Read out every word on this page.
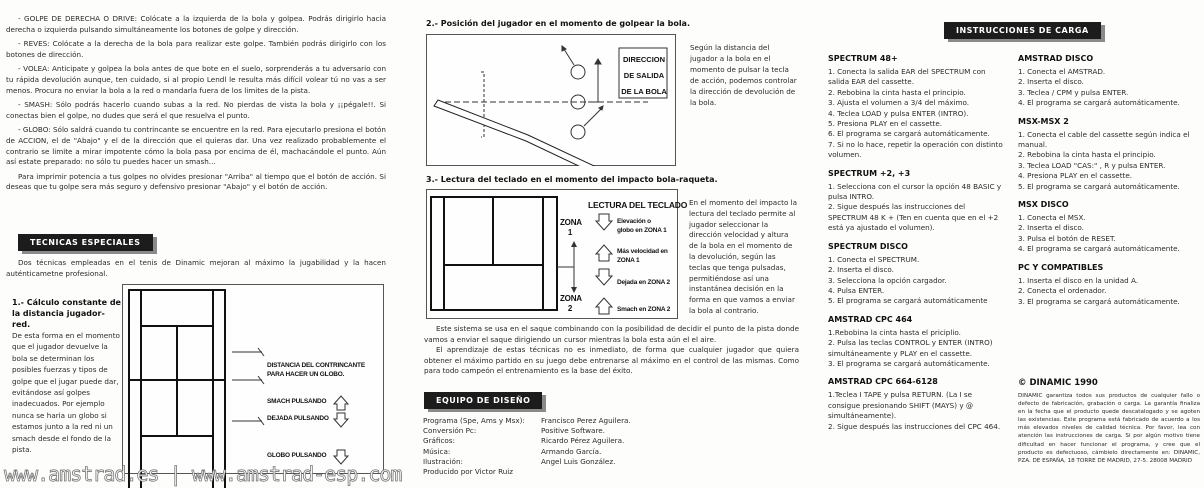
- GOLPE DE DERECHA O DRIVE: Colócate a la izquierda de la bola y golpea. Podrás dirigirlo hacia derecha o izquierda pulsando simultáneamente los botones de golpe y dirección.

- REVES: Colócate a la derecha de la bola para realizar este golpe. También podrás dirigirlo con los botones de dirección.

- VOLEA: Anticipate y golpea la bola antes de que bote en el suelo, sorprenderás a tu adversario con tu rápida devolución aunque, ten cuidado, si al propio Lendl le resulta más difícil volear tú no vas a ser menos. Procura no enviar la bola a la red o mandarla fuera de los limites de la pista.

- SMASH: Sólo podrás hacerlo cuando subas a la red. No pierdas de vista la bola y ¡¡pégale!!. Si conectas bien el golpe, no dudes que será el que resuelva el punto.

- GLOBO: Sólo saldrá cuando tu contrincante se encuentre en la red. Para ejecutarlo presiona el botón de ACCION, el de "Abajo" y el de la dirección que el quieras dar. Una vez realizado probablemente el contrario se limite a mirar impotente cómo la bola pasa por encima de él, machacándole el punto. Aún así estate preparado: no sólo tu puedes hacer un smash...

Para imprimir potencia a tus golpes no olvides presionar "Arriba" al tiempo que el botón de acción. Si deseas que tu golpe sera más seguro y defensivo presionar "Abajo" y el botón de acción.

TECNICAS ESPECIALES

Dos técnicas empleadas en el tenis de Dinamic mejoran al máximo la jugabilidad y la hacen auténticametne profesional.

1.- Cálculo constante de la distancia jugador-red.
De esta forma en el momento que el jugador devuelve la bola se determinan los posibles fuerzas y tipos de golpe que el jugar puede dar, evitándose así golpes inadecuados. Por ejemplo nunca se haria un globo si estamos junto a la red ni un smach desde el fondo de la pista.
DISTANCIA DEL CONTRINCANTE PARA HACER UN GLOBO.
SMACH PULSANDO
DEJADA PULSANDO
GLOBO PULSANDO
2.- Posición del jugador en el momento de golpear la bola.
DIRECCION
DE SALIDA
DE LA BOLA
Según la distancia del jugador a la bola en el momento de pulsar la tecla de acción, podemos controlar la dirección de devolución de la bola.
3.- Lectura del teclado en el momento del impacto bola-raqueta.
LECTURA DEL TECLADO
ZONA
1
ZONA
2
Elevación o globo en ZONA 1
Más velocidad en ZONA 1
Dejada en ZONA 2
Smach en ZONA 2
En el momento del impacto la lectura del teclado permite al jugador seleccionar la dirección velocidad y altura de la bola en el momento de la devolución, según las teclas que tenga pulsadas, permitiéndose así una instantánea decisión en la forma en que vamos a enviar la bola al contrario.

Este sistema se usa en el saque combinando con la posibilidad de decidir el punto de la pista donde vamos a enviar el saque dirigiendo un cursor mientras la bola esta aún el el aire.

El aprendizaje de estas técnicas no es inmediato, de forma que cualquier jugador que quiera obtener el máximo partido en su juego debe entrenarse al máximo en el control de las mismas. Como para todo campeón el entrenamiento es la base del éxito.

EQUIPO DE DISEÑO
Programa (Spe, Ams y Msx):	Francisco Perez Aguilera.
Conversión Pc:	Positive Software.
Gráficos:	Ricardo Pérez Aguilera.
Música:	Armando García.
Ilustración:	Angel Luis González.
Producido por Victor Ruiz
INSTRUCCIONES DE CARGA
SPECTRUM 48+
1. Conecta la salida EAR del SPECTRUM con salida EAR del cassette.
2. Rebobina la cinta hasta el principio.
3. Ajusta el volumen a 3/4 del máximo.
4. Teclea LOAD y pulsa ENTER (INTRO).
5. Presiona PLAY en el cassette.
6. El programa se cargará automáticamente.
7. Si no lo hace, repetir la operación con distinto volumen.
SPECTRUM +2, +3
1. Selecciona con el cursor la opción 48 BASIC y pulsa INTRO.
2. Sigue después las instrucciones del SPECTRUM 48 K + (Ten en cuenta que en el +2 está ya ajustado el volumen).
SPECTRUM DISCO
1. Conecta el SPECTRUM.
2. Inserta el disco.
3. Selecciona la opción cargador.
4. Pulsa ENTER.
5. El programa se cargará automáticamente
AMSTRAD CPC 464
1.Rebobina la cinta hasta el priciplio.
2. Pulsa las teclas CONTROL y ENTER (INTRO) simultáneamente y PLAY en el cassette.
3. El programa se cargará automáticamente.
AMSTRAD CPC 664-6128
1.Teclea I TAPE y pulsa RETURN. (La I se consigue presionando SHIFT (MAYS) y @ simultáneamente).
2. Sigue después las instrucciones del CPC 464.
AMSTRAD DISCO
1. Conecta el AMSTRAD.
2. Inserta el disco.
3. Teclea / CPM y pulsa ENTER.
4. El programa se cargará automáticamente.
MSX-MSX 2
1. Conecta el cable del cassette según indica el manual.
2. Rebobina la cinta hasta el principio.
3. Teclea LOAD "CAS:" , R y pulsa ENTER.
4. Presiona PLAY en el cassette.
5. El programa se cargará automáticamente.
MSX DISCO
1. Conecta el MSX.
2. Inserta el disco.
3. Pulsa el botón de RESET.
4. El programa se cargará automáticamente.
PC Y COMPATIBLES
1. Inserta el disco en la unidad A.
2. Conecta el ordenador.
3. El programa se cargará automáticamente.
© DINAMIC 1990
DINAMIC garantiza todos sus productos de cualquier fallo o defecto de fabricación, grabación o carga. La garantía finaliza en la fecha que el producto quede descatalogado y se agoten las existencias. Este programa está fabricado de acuerdo a los más elevados niveles de calidad técnica. Por favor, lea con atención las instrucciones de carga. Si por algún motivo tiene dificultad en hacer funcionar el programa, y cree que el producto es defectuoso, cámbielo directamente en: DINAMIC, PZA. DE ESPAÑA, 18 TORRE DE MADRID, 27-5. 28008 MADRID
www.amstrad.es | www.amstrad-esp.com
